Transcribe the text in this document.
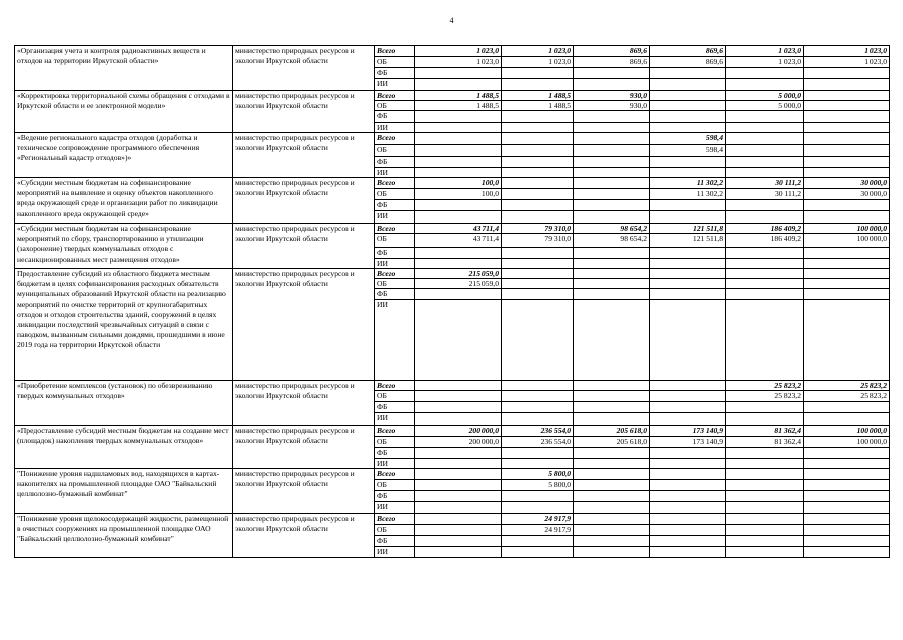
4
«Организация учета и контроля радиоактивных веществ и отходов на территории Иркутской области»	министерство природных ресурсов и экологии Иркутской области	Всего	1 023,0	1 023,0	869,6	869,6	1 023,0	1 023,0
		ОБ	1 023,0	1 023,0	869,6	869,6	1 023,0	1 023,0
		ФБ						
		ИИ						
«Корректировка территориальной схемы обращения с отходами в Иркутской области и ее электронной модели»	министерство природных ресурсов и экологии Иркутской области	Всего	1 488,5	1 488,5	930,0		5 000,0	
		ОБ	1 488,5	1 488,5	930,0		5 000,0	
		ФБ						
		ИИ						
«Ведение регионального кадастра отходов (доработка и техническое сопровождение программного обеспечения «Региональный кадастр отходов»)»	министерство природных ресурсов и экологии Иркутской области	Всего				598,4		
		ОБ				598,4		
		ФБ						
		ИИ						
«Субсидии местным бюджетам на софинансирование мероприятий на выявление и оценку объектов накопленного вреда окружающей среде и организации работ по ликвидации накопленного вреда окружающей среде»	министерство природных ресурсов и экологии Иркутской области	Всего	100,0			11 302,2	30 111,2	30 000,0
		ОБ	100,0			11 302,2	30 111,2	30 000,0
		ФБ						
		ИИ						
«Субсидии местным бюджетам на софинансирование мероприятий по сбору, транспортированию и утилизации (захоронение) твердых коммунальных отходов с несанкционированных мест размещения отходов»	министерство природных ресурсов и экологии Иркутской области	Всего	43 711,4	79 310,0	98 654,2	121 511,8	186 409,2	100 000,0
		ОБ	43 711,4	79 310,0	98 654,2	121 511,8	186 409,2	100 000,0
		ФБ						
		ИИ						
Предоставление субсидий из областного бюджета местным бюджетам в целях софинансирования расходных обязательств муниципальных образований Иркутской области на реализацию мероприятий по очистке территорий от крупногабаритных отходов и отходов строительства зданий, сооружений в целях ликвидации последствий чрезвычайных ситуаций в связи с паводком, вызванным сильными дождями, прошедшими в июне 2019 года на территории Иркутской области	министерство природных ресурсов и экологии Иркутской области	Всего	215 059,0					
		ОБ	215 059,0					
		ФБ						
		ИИ						
«Приобретение комплексов (установок) по обезвреживанию твердых коммунальных отходов»	министерство природных ресурсов и экологии Иркутской области	Всего					25 823,2	25 823,2
		ОБ					25 823,2	25 823,2
		ФБ						
		ИИ						
«Предоставление субсидий местным бюджетам на создание мест (площадок) накопления твердых коммунальных отходов»	министерство природных ресурсов и экологии Иркутской области	Всего	200 000,0	236 554,0	205 618,0	173 140,9	81 362,4	100 000,0
		ОБ	200 000,0	236 554,0	205 618,0	173 140,9	81 362,4	100 000,0
		ФБ						
		ИИ						
"Понижение уровня надшламовых вод, находящихся в картах-накопителях на промышленной площадке ОАО "Байкальский целлюлозно-бумажный комбинат"	министерство природных ресурсов и экологии Иркутской области	Всего		5 800,0				
		ОБ		5 800,0				
		ФБ						
		ИИ						
"Понижение уровня щелокосодержащей жидкости, размещенной в очистных сооружениях на промышленной площадке ОАО "Байкальский целлюлозно-бумажный комбинат"	министерство природных ресурсов и экологии Иркутской области	Всего		24 917,9				
		ОБ		24 917,9				
		ФБ						
		ИИ						
